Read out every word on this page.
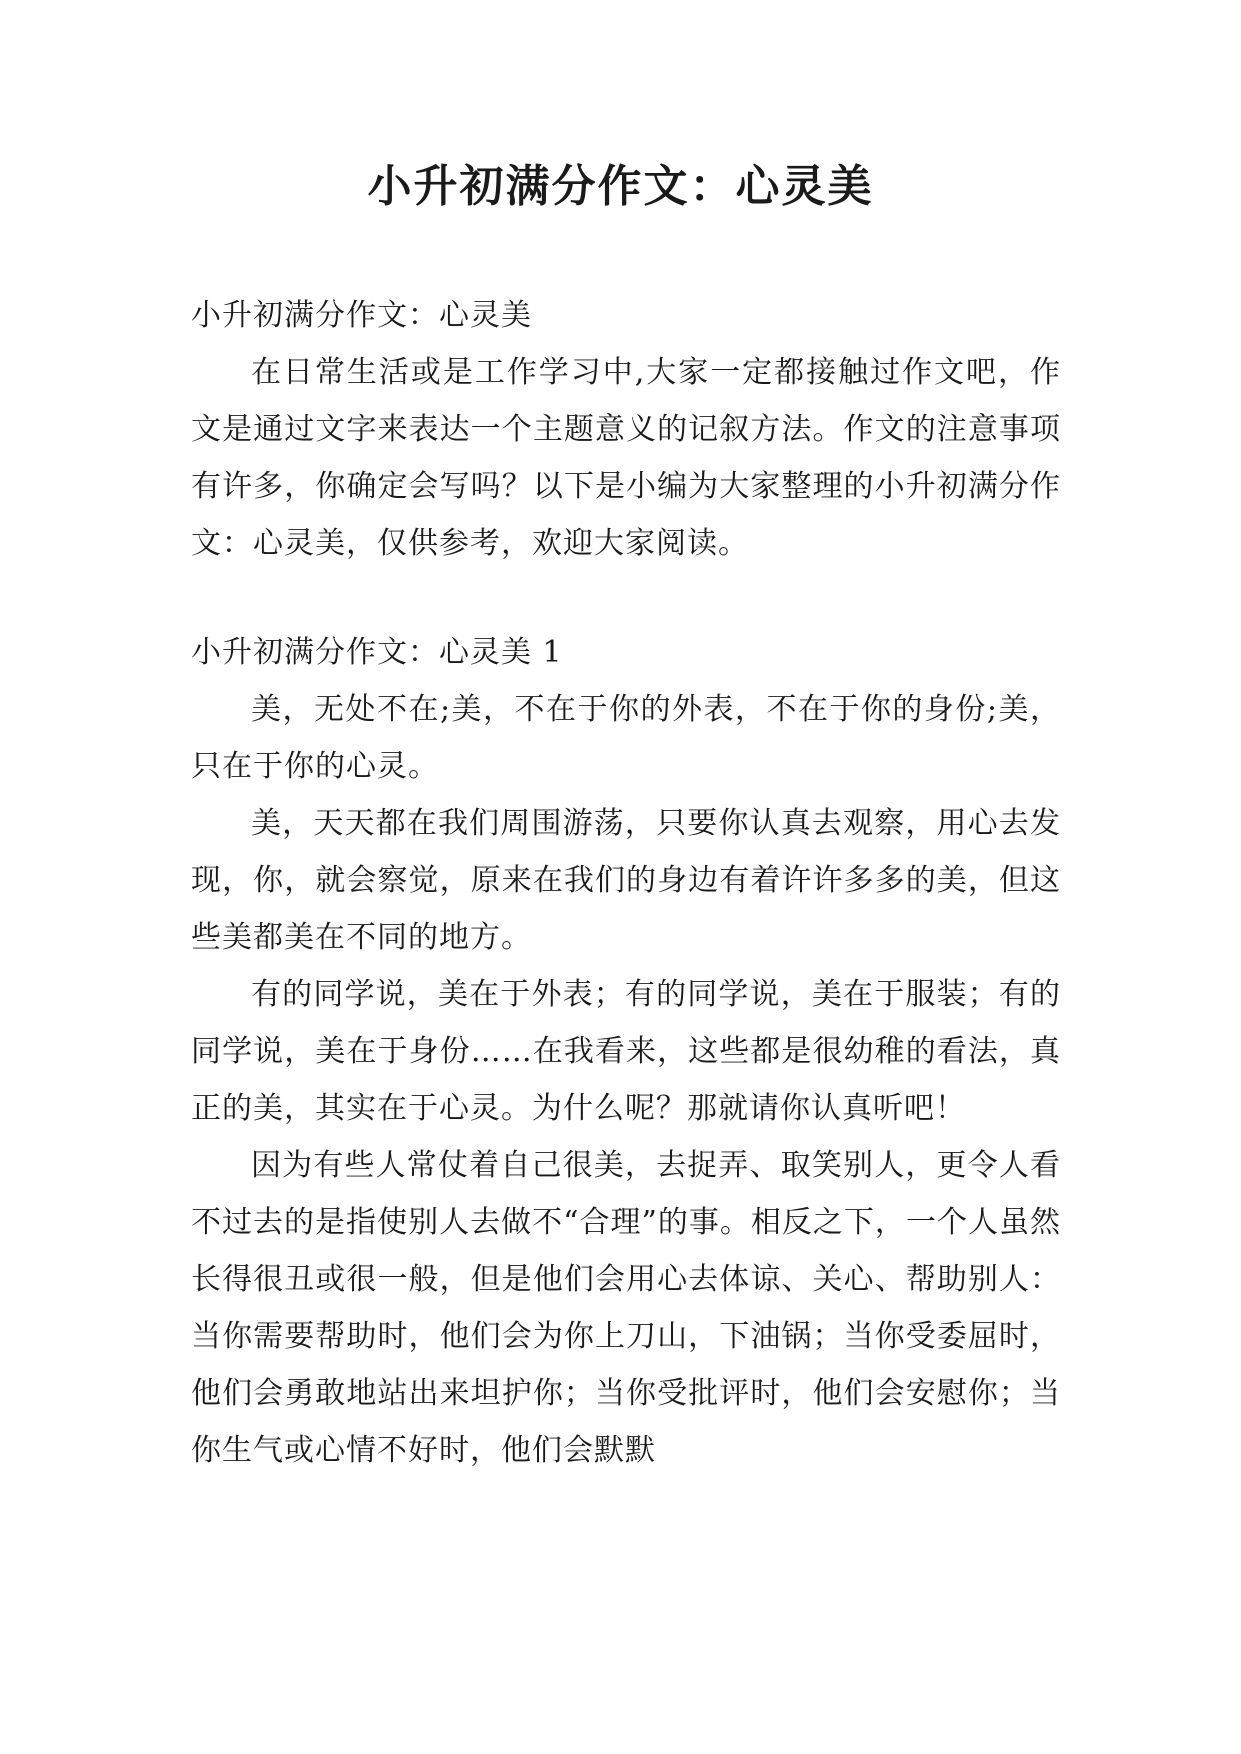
小升初满分作文：心灵美

小升初满分作文：心灵美

在日常生活或是工作学习中,大家一定都接触过作文吧，作文是通过文字来表达一个主题意义的记叙方法。作文的注意事项有许多，你确定会写吗？以下是小编为大家整理的小升初满分作文：心灵美，仅供参考，欢迎大家阅读。

小升初满分作文：心灵美 1

美，无处不在;美，不在于你的外表，不在于你的身份;美，只在于你的心灵。

美，天天都在我们周围游荡，只要你认真去观察，用心去发现，你，就会察觉，原来在我们的身边有着许许多多的美，但这些美都美在不同的地方。

有的同学说，美在于外表；有的同学说，美在于服装；有的同学说，美在于身份……在我看来，这些都是很幼稚的看法，真正的美，其实在于心灵。为什么呢？那就请你认真听吧！

因为有些人常仗着自己很美，去捉弄、取笑别人，更令人看不过去的是指使别人去做不“合理”的事。相反之下，一个人虽然长得很丑或很一般，但是他们会用心去体谅、关心、帮助别人：当你需要帮助时，他们会为你上刀山，下油锅；当你受委屈时，他们会勇敢地站出来坦护你；当你受批评时，他们会安慰你；当你生气或心情不好时，他们会默默
